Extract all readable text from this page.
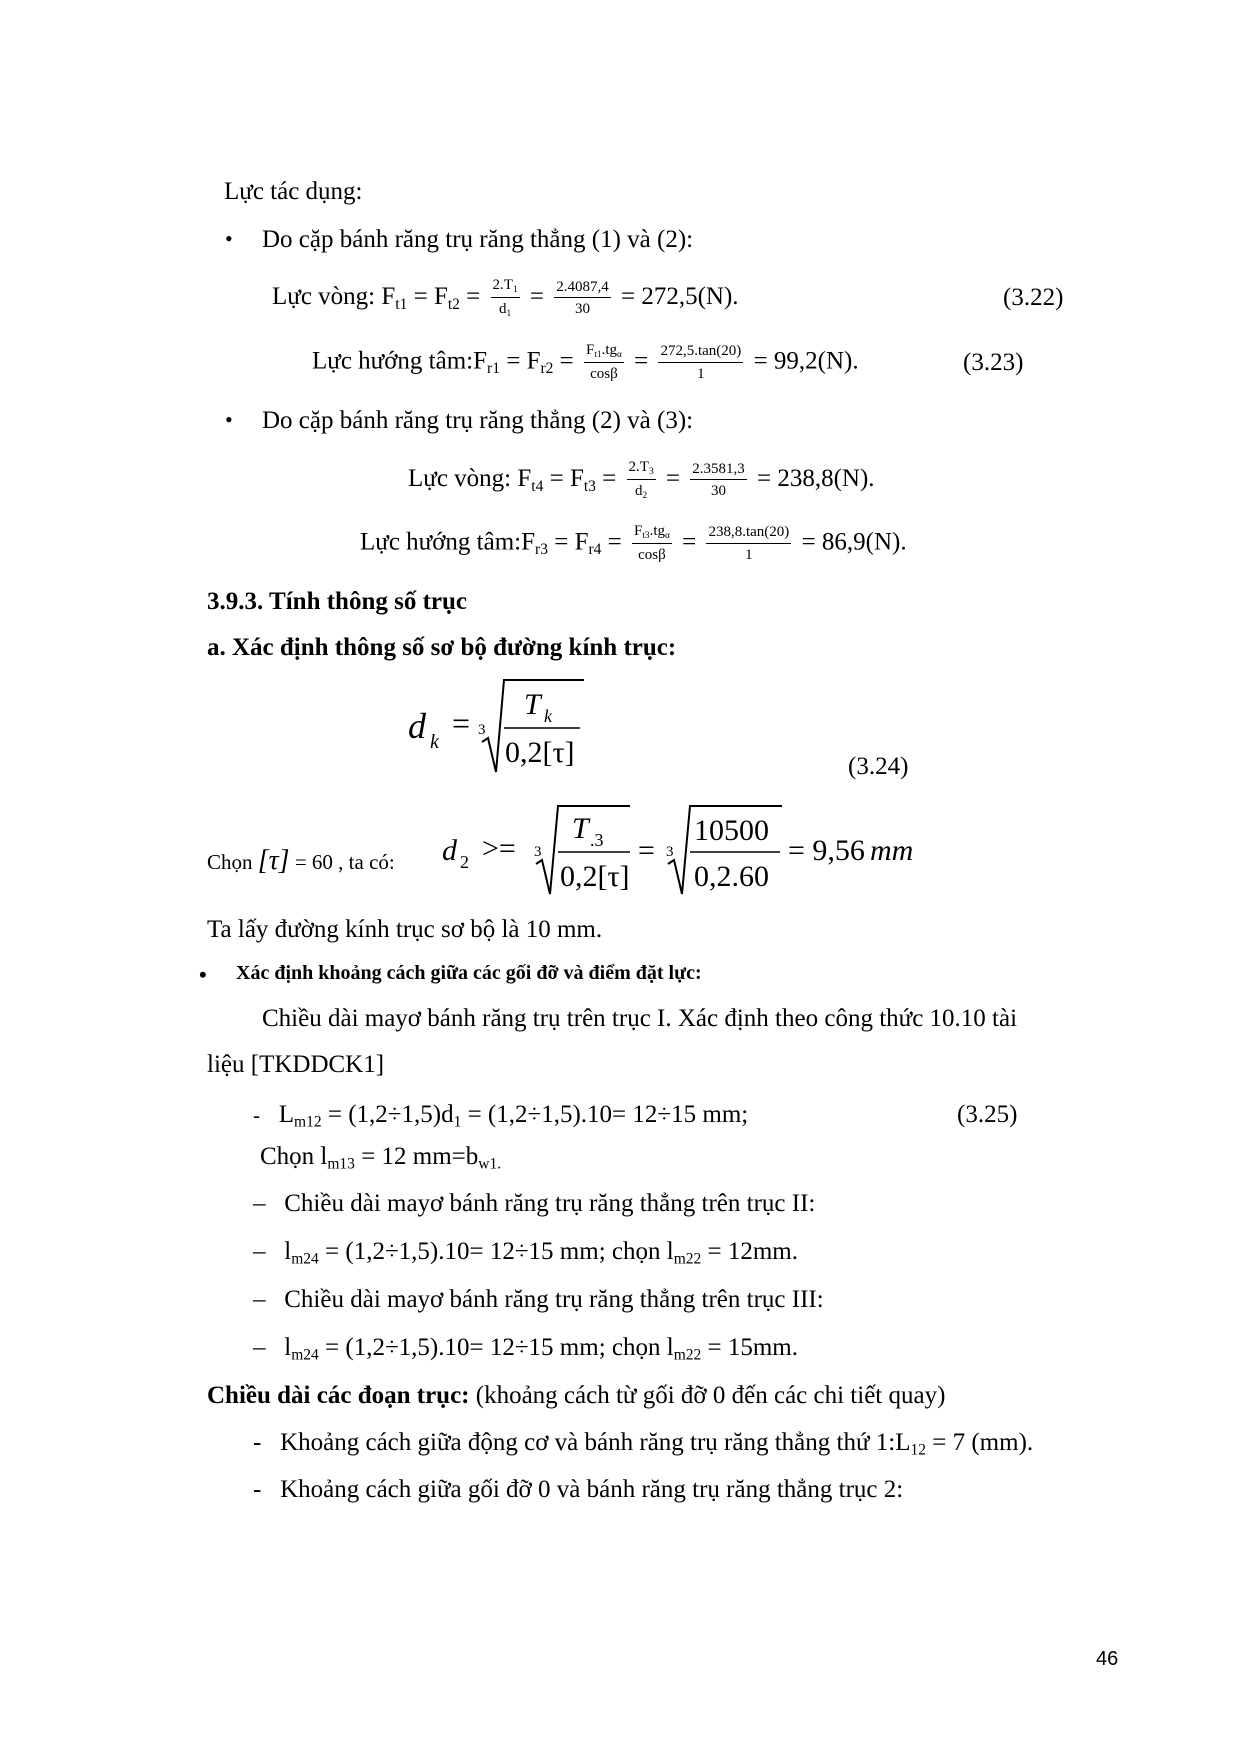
Lực tác dụng:
• Do cặp bánh răng trụ răng thẳng (1) và (2):
Lực vòng: $F_{t1} = F_{t2} = \frac{2.T_1}{d_1} = \frac{2.4087,4}{30} = 272,5(N)$.	(3.22)
Lực hướng $tâm:F_{r1} = F_{r2} = \frac{F_{t1}.tg_\alpha}{\cos\beta} = \frac{272,5.\tan(20)}{1} = 99,2(N)$.	(3.23)
• Do cặp bánh răng trụ răng thẳng (2) và (3):
Lực vòng: $F_{t4} = F_{t3} = \frac{2.T_3}{d_2} = \frac{2.3581,3}{30} = 238,8(N)$.
Lực hướng $tâm:F_{r3} = F_{r4} = \frac{F_{t3}.tg_\alpha}{\cos\beta} = \frac{238,8.\tan(20)}{1} = 86,9(N)$.
3.9.3. Tính thông số trục
a. Xác định thông số sơ bộ đường kính trục:
d k
= 3
T k
0,2[τ]	(3.24)
Chọn [τ] = 60 , ta có: d 2 >= 3
T .3
0,2[τ]
= 3
10500
0,2.60
= 9,56 mm
Ta lấy đường kính trục sơ bộ là 10 mm.
• Xác định khoảng cách giữa các gối đỡ và điểm đặt lực:
Chiều dài mayơ bánh răng trụ trên trục I. Xác định theo công thức 10.10 tài
liệu [TKDDCK1]
- $L_{m12} = (1,2\div 1,5)d_1 = (1,2\div 1,5).10= 12\div 15$ mm;	(3.25)
Chọn $l_{m13} = 12$ $mm=b_{w1.}$
– Chiều dài mayơ bánh răng trụ răng thẳng trên trục II:
– $l_{m24} = (1,2\div 1,5).10= 12\div 15$ mm; chọn $l_{m22} = 12mm$.
– Chiều dài mayơ bánh răng trụ răng thẳng trên trục III:
– $l_{m24} = (1,2\div 1,5).10= 12\div 15$ mm; chọn $l_{m22} = 15mm$.
Chiều dài các đoạn trục: (khoảng cách từ gối đỡ 0 đến các chi tiết quay)
- Khoảng cách giữa động cơ và bánh răng trụ răng thẳng thứ $1:L_{12} = 7$ (mm).
- Khoảng cách giữa gối đỡ 0 và bánh răng trụ răng thẳng trục 2:
46
